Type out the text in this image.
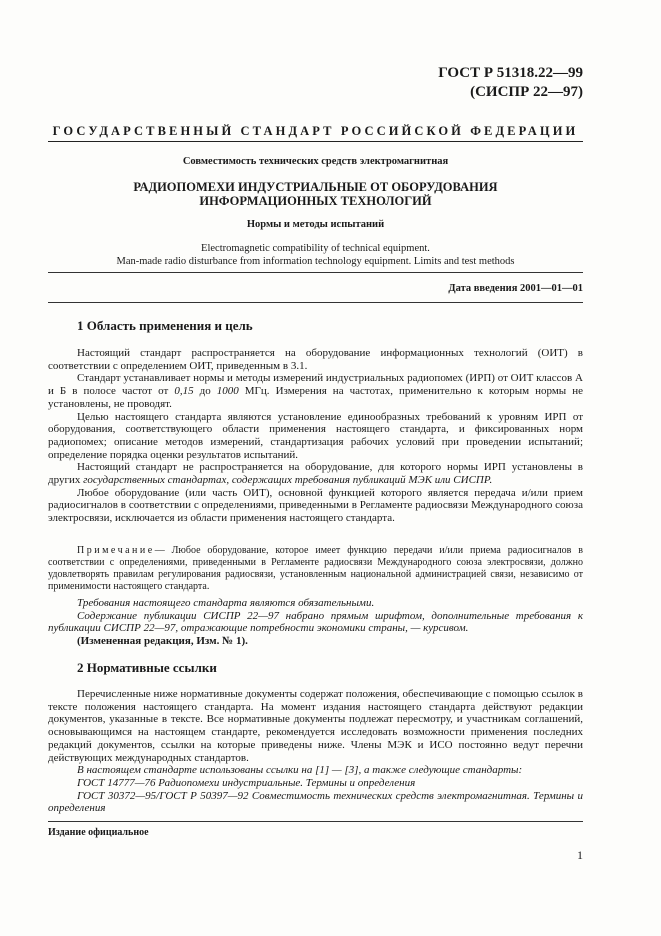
ГОСТ Р 51318.22—99
(СИСПР 22—97)
ГОСУДАРСТВЕННЫЙ СТАНДАРТ РОССИЙСКОЙ ФЕДЕРАЦИИ
Совместимость технических средств электромагнитная
РАДИОПОМЕХИ ИНДУСТРИАЛЬНЫЕ ОТ ОБОРУДОВАНИЯ
ИНФОРМАЦИОННЫХ ТЕХНОЛОГИЙ
Нормы и методы испытаний
Electromagnetic compatibility of technical equipment.
Man-made radio disturbance from information technology equipment. Limits and test methods
Дата введения 2001—01—01
1 Область применения и цель

Настоящий стандарт распространяется на оборудование информационных технологий (ОИТ) в соответствии с определением ОИТ, приведенным в 3.1.

Стандарт устанавливает нормы и методы измерений индустриальных радиопомех (ИРП) от ОИТ классов А и Б в полосе частот от 0,15 до 1000 МГц. Измерения на частотах, применительно к которым нормы не установлены, не проводят.

Целью настоящего стандарта являются установление единообразных требований к уровням ИРП от оборудования, соответствующего области применения настоящего стандарта, и фиксированных норм радиопомех; описание методов измерений, стандартизация рабочих условий при проведении испытаний; определение порядка оценки результатов испытаний.

Настоящий стандарт не распространяется на оборудование, для которого нормы ИРП установлены в других государственных стандартах, содержащих требования публикаций МЭК или СИСПР.

Любое оборудование (или часть ОИТ), основной функцией которого является передача и/или прием радиосигналов в соответствии с определениями, приведенными в Регламенте радиосвязи Международного союза электросвязи, исключается из области применения настоящего стандарта.

Примечание— Любое оборудование, которое имеет функцию передачи и/или приема радиосигналов в соответствии с определениями, приведенными в Регламенте радиосвязи Международного союза электросвязи, должно удовлетворять правилам регулирования радиосвязи, установленным национальной администрацией связи, независимо от применимости настоящего стандарта.

Требования настоящего стандарта являются обязательными.

Содержание публикации СИСПР 22—97 набрано прямым шрифтом, дополнительные требования к публикации СИСПР 22—97, отражающие потребности экономики страны, — курсивом.

(Измененная редакция, Изм. № 1).

2 Нормативные ссылки

Перечисленные ниже нормативные документы содержат положения, обеспечивающие с помощью ссылок в тексте положения настоящего стандарта. На момент издания настоящего стандарта действуют редакции документов, указанные в тексте. Все нормативные документы подлежат пересмотру, и участникам соглашений, основывающимся на настоящем стандарте, рекомендуется исследовать возможности применения последних редакций документов, ссылки на которые приведены ниже. Члены МЭК и ИСО постоянно ведут перечни действующих международных стандартов.

В настоящем стандарте использованы ссылки на [1] — [3], а также следующие стандарты:

ГОСТ 14777—76 Радиопомехи индустриальные. Термины и определения

ГОСТ 30372—95/ГОСТ Р 50397—92 Совместимость технических средств электромагнитная. Термины и определения

Издание официальное
1
